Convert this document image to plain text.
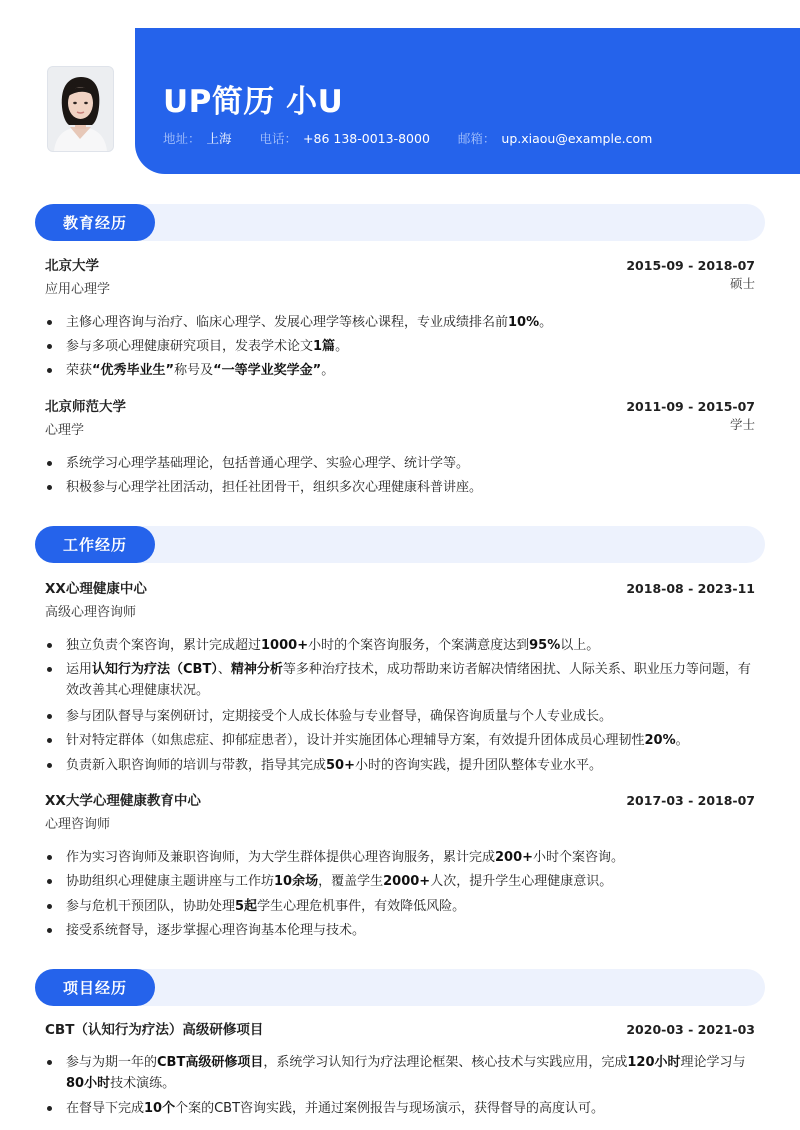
UP简历 小U
地址： 上海 电话： +86 138-0013-8000 邮箱： up.xiaou@example.com
教育经历
北京大学	2015-09 - 2018-07
应用心理学	硕士
主修心理咨询与治疗、临床心理学、发展心理学等核心课程，专业成绩排名前10%。
参与多项心理健康研究项目，发表学术论文1篇。
荣获“优秀毕业生”称号及“一等学业奖学金”。
北京师范大学	2011-09 - 2015-07
心理学	学士
系统学习心理学基础理论，包括普通心理学、实验心理学、统计学等。
积极参与心理学社团活动，担任社团骨干，组织多次心理健康科普讲座。
工作经历
XX心理健康中心	2018-08 - 2023-11
高级心理咨询师
独立负责个案咨询，累计完成超过1000+小时的个案咨询服务，个案满意度达到95%以上。
运用认知行为疗法（CBT）、精神分析等多种治疗技术，成功帮助来访者解决情绪困扰、人际关系、职业压力等问题，有效改善其心理健康状况。
参与团队督导与案例研讨，定期接受个人成长体验与专业督导，确保咨询质量与个人专业成长。
针对特定群体（如焦虑症、抑郁症患者），设计并实施团体心理辅导方案，有效提升团体成员心理韧性20%。
负责新入职咨询师的培训与带教，指导其完成50+小时的咨询实践，提升团队整体专业水平。
XX大学心理健康教育中心	2017-03 - 2018-07
心理咨询师
作为实习咨询师及兼职咨询师，为大学生群体提供心理咨询服务，累计完成200+小时个案咨询。
协助组织心理健康主题讲座与工作坊10余场，覆盖学生2000+人次，提升学生心理健康意识。
参与危机干预团队，协助处理5起学生心理危机事件，有效降低风险。
接受系统督导，逐步掌握心理咨询基本伦理与技术。
项目经历
CBT（认知行为疗法）高级研修项目	2020-03 - 2021-03
参与为期一年的CBT高级研修项目，系统学习认知行为疗法理论框架、核心技术与实践应用，完成120小时理论学习与80小时技术演练。
在督导下完成10个个案的CBT咨询实践，并通过案例报告与现场演示，获得督导的高度认可。
